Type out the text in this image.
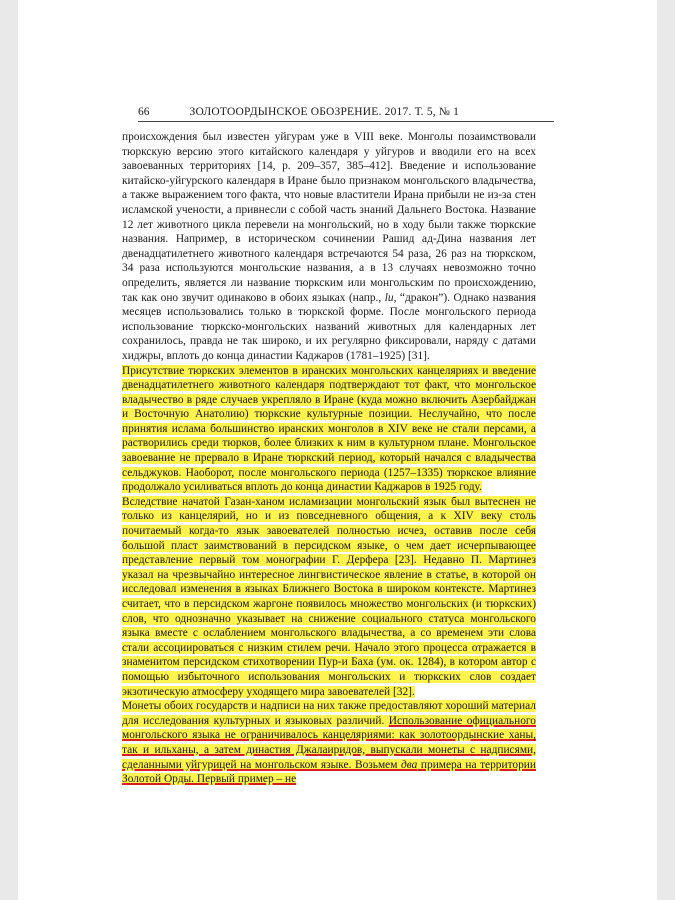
66	ЗОЛОТООРДЫНСКОЕ ОБОЗРЕНИЕ. 2017. Т. 5, № 1

происхождения был известен уйгурам уже в VIII веке. Монголы позаимствовали тюркскую версию этого китайского календаря у уйгуров и вводили его на всех завоеванных территориях [14, p. 209–357, 385–412]. Введение и использование китайско-уйгурского календаря в Иране было признаком монгольского владычества, а также выражением того факта, что новые властители Ирана прибыли не из-за стен исламской учености, а привнесли с собой часть знаний Дальнего Востока. Название 12 лет животного цикла перевели на монгольский, но в ходу были также тюркские названия. Например, в историческом сочинении Рашид ад-Дина названия лет двенадцатилетнего животного календаря встречаются 54 раза, 26 раз на тюркском, 34 раза используются монгольские названия, а в 13 случаях невозможно точно определить, является ли название тюркским или монгольским по происхождению, так как оно звучит одинаково в обоих языках (напр., lu, “дракон”). Однако названия месяцев использовались только в тюркской форме. После монгольского периода использование тюркско-монгольских названий животных для календарных лет сохранилось, правда не так широко, и их регулярно фиксировали, наряду с датами хиджры, вплоть до конца династии Каджаров (1781–1925) [31].

Присутствие тюркских элементов в иранских монгольских канцеляриях и введение двенадцатилетнего животного календаря подтверждают тот факт, что монгольское владычество в ряде случаев укрепляло в Иране (куда можно включить Азербайджан и Восточную Анатолию) тюркские культурные позиции. Неслучайно, что после принятия ислама большинство иранских монголов в XIV веке не стали персами, а растворились среди тюрков, более близких к ним в культурном плане. Монгольское завоевание не прервало в Иране тюркский период, который начался с владычества сельджуков. Наоборот, после монгольского периода (1257–1335) тюркское влияние продолжало усиливаться вплоть до конца династии Каджаров в 1925 году.

Вследствие начатой Газан-ханом исламизации монгольский язык был вытеснен не только из канцелярий, но и из повседневного общения, а к XIV веку столь почитаемый когда-то язык завоевателей полностью исчез, оставив после себя большой пласт заимствований в персидском языке, о чем дает исчерпывающее представление первый том монографии Г. Дерфера [23]. Недавно П. Мартинез указал на чрезвычайно интересное лингвистическое явление в статье, в которой он исследовал изменения в языках Ближнего Востока в широком контексте. Мартинез считает, что в персидском жаргоне появилось множество монгольских (и тюркских) слов, что однозначно указывает на снижение социального статуса монгольского языка вместе с ослаблением монгольского владычества, а со временем эти слова стали ассоциироваться с низким стилем речи. Начало этого процесса отражается в знаменитом персидском стихотворении Пур-и Баха (ум. ок. 1284), в котором автор с помощью избыточного использования монгольских и тюркских слов создает экзотическую атмосферу уходящего мира завоевателей [32].

Монеты обоих государств и надписи на них также предоставляют хороший материал для исследования культурных и языковых различий. Использование официального монгольского языка не ограничивалось канцеляриями: как золотоордынские ханы, так и ильханы, а затем династия Джалаиридов, выпускали монеты с надписями, сделанными уйгурицей на монгольском языке. Возьмем два примера на территории Золотой Орды. Первый пример – не
